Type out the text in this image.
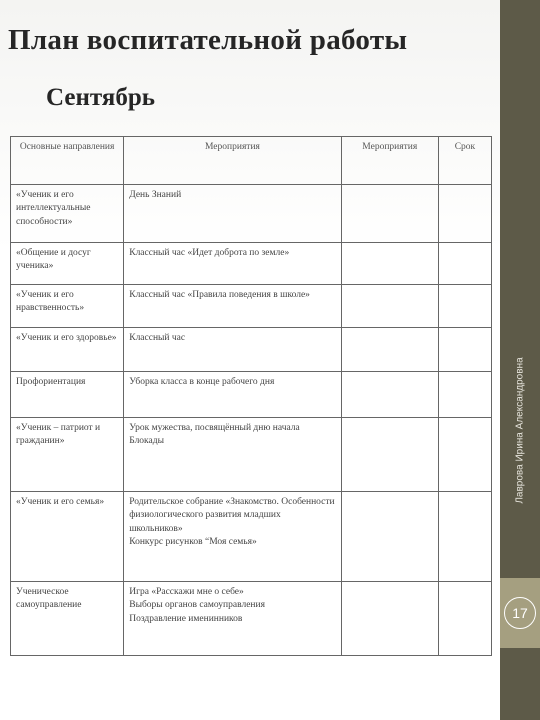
Лаврова Ирина Александровна
17
План воспитательной работы
Сентябрь
Основные направления	Мероприятия	Мероприятия	Срок
«Ученик и его интеллектуальные способности»	День Знаний		

«Общение и досуг ученика»	Классный час «Идет доброта по земле»		

«Ученик и его нравственность»	Классный час «Правила поведения в школе»		

«Ученик и его здоровье»	Классный час		

Профориентация	Уборка класса в конце рабочего дня		

«Ученик – патриот и гражданин»	Урок мужества, посвящённый дню начала Блокады		

«Ученик и его семья»	Родительское собрание «Знакомство. Особенности физиологического развития младших школьников»
Конкурс рисунков “Моя семья»		

Ученическое самоуправление	Игра «Расскажи мне о себе»
Выборы органов самоуправления
Поздравление именинников		
